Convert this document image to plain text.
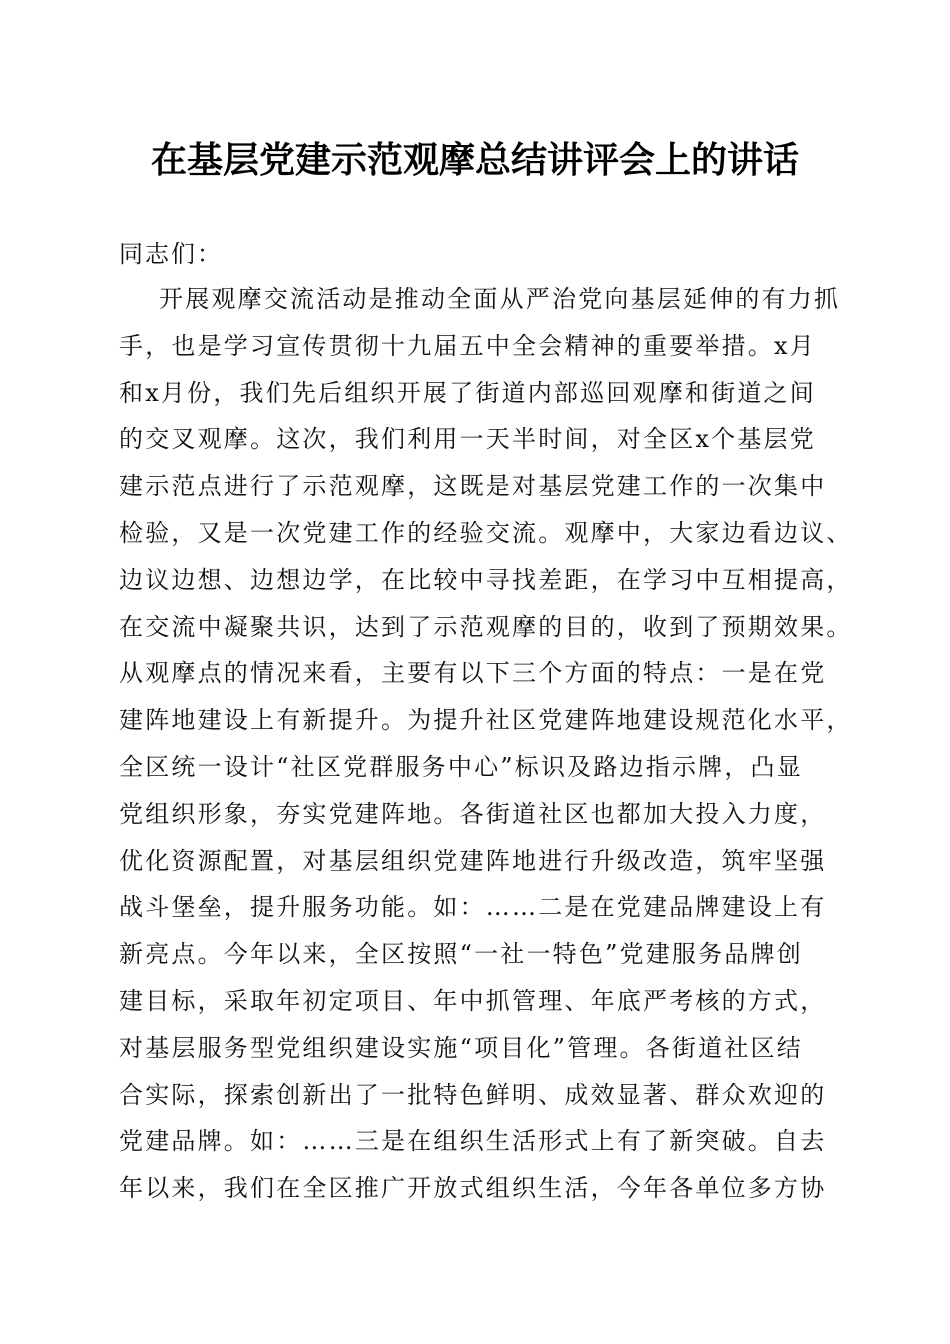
在基层党建示范观摩总结讲评会上的讲话
同志们：
开展观摩交流活动是推动全面从严治党向基层延伸的有力抓
手，也是学习宣传贯彻十九届五中全会精神的重要举措。x月
和x月份，我们先后组织开展了街道内部巡回观摩和街道之间
的交叉观摩。这次，我们利用一天半时间，对全区x个基层党
建示范点进行了示范观摩，这既是对基层党建工作的一次集中
检验，又是一次党建工作的经验交流。观摩中，大家边看边议、
边议边想、边想边学，在比较中寻找差距，在学习中互相提高，
在交流中凝聚共识，达到了示范观摩的目的，收到了预期效果。
从观摩点的情况来看，主要有以下三个方面的特点：一是在党
建阵地建设上有新提升。为提升社区党建阵地建设规范化水平，
全区统一设计“社区党群服务中心”标识及路边指示牌，凸显
党组织形象，夯实党建阵地。各街道社区也都加大投入力度，
优化资源配置，对基层组织党建阵地进行升级改造，筑牢坚强
战斗堡垒，提升服务功能。如：……二是在党建品牌建设上有
新亮点。今年以来，全区按照“一社一特色”党建服务品牌创
建目标，采取年初定项目、年中抓管理、年底严考核的方式，
对基层服务型党组织建设实施“项目化”管理。各街道社区结
合实际，探索创新出了一批特色鲜明、成效显著、群众欢迎的
党建品牌。如：……三是在组织生活形式上有了新突破。自去
年以来，我们在全区推广开放式组织生活，今年各单位多方协
